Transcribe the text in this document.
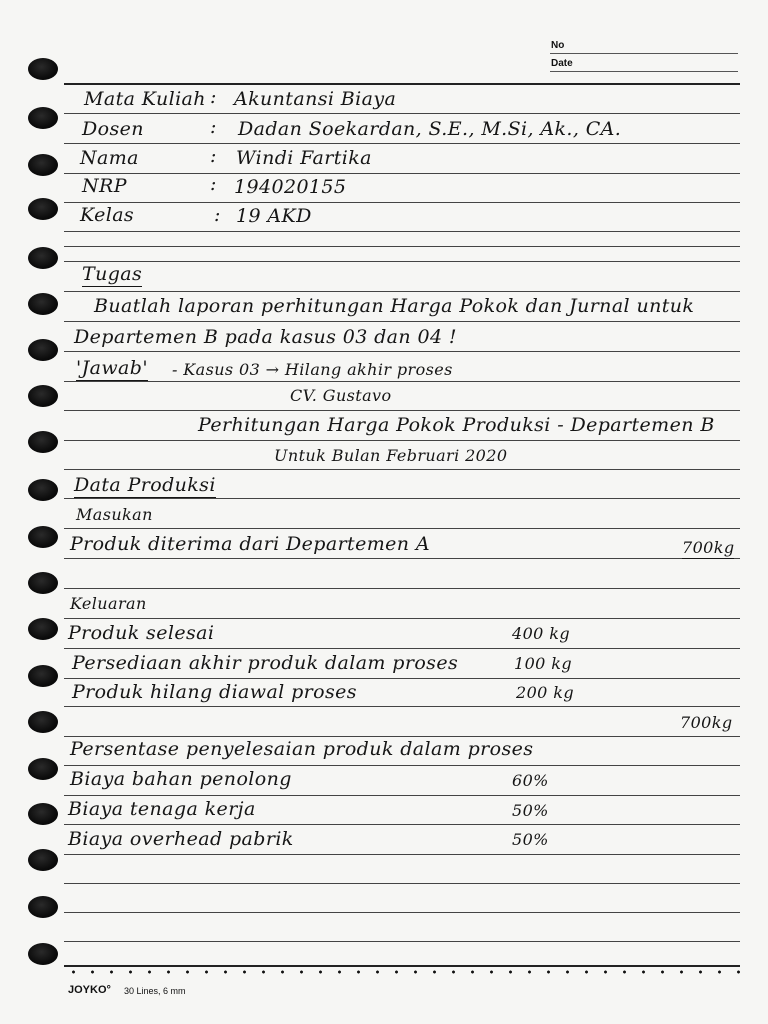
No
Date
Mata Kuliah : Akuntansi Biaya
Dosen	: Dadan Soekardan, S.E., M.Si, Ak., CA.
Nama	: Windi Fartika
NRP	: 194020155
Kelas	: 19 AKD
Tugas
Buatlah laporan perhitungan Harga Pokok dan Jurnal untuk
Departemen B pada kasus 03 dan 04 !
'Jawab' - Kasus 03 → Hilang akhir proses
CV. Gustavo
Perhitungan Harga Pokok Produksi - Departemen B
Untuk Bulan Februari 2020
Data Produksi
Masukan
Produk diterima dari Departemen A	700kg
Keluaran
Produk selesai	400 kg
Persediaan akhir produk dalam proses	100 kg
Produk hilang diawal proses	200 kg
700kg
Persentase penyelesaian produk dalam proses
Biaya bahan penolong	60%
Biaya tenaga kerja	50%
Biaya overhead pabrik	50%
JOYKO° 30 Lines, 6 mm
